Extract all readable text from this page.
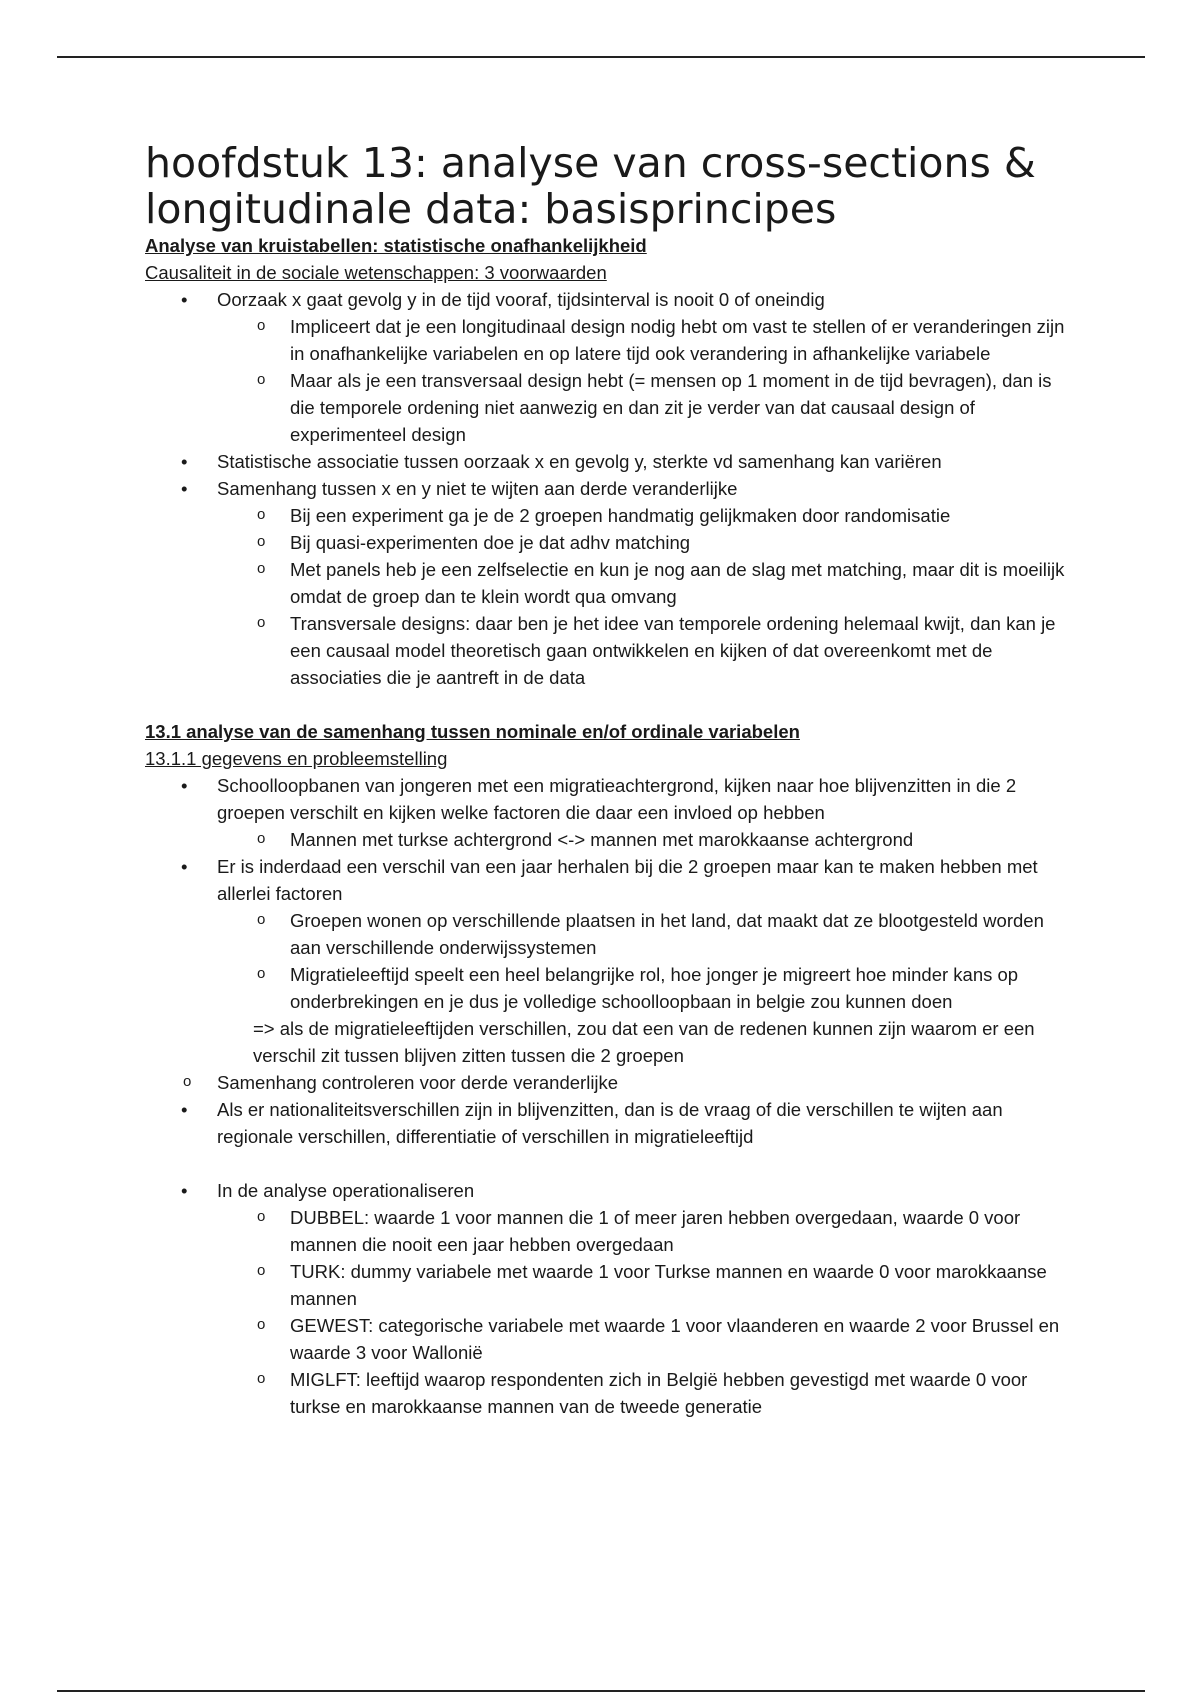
hoofdstuk 13: analyse van cross-sections &
longitudinale data: basisprincipes

Analyse van kruistabellen: statistische onafhankelijkheid

Causaliteit in de sociale wetenschappen: 3 voorwaarden

• Oorzaak x gaat gevolg y in de tijd vooraf, tijdsinterval is nooit 0 of oneindig
o Impliceert dat je een longitudinaal design nodig hebt om vast te stellen of er veranderingen zijn in onafhankelijke variabelen en op latere tijd ook verandering in afhankelijke variabele
o Maar als je een transversaal design hebt (= mensen op 1 moment in de tijd bevragen), dan is die temporele ordening niet aanwezig en dan zit je verder van dat causaal design of experimenteel design
• Statistische associatie tussen oorzaak x en gevolg y, sterkte vd samenhang kan variëren
• Samenhang tussen x en y niet te wijten aan derde veranderlijke
o Bij een experiment ga je de 2 groepen handmatig gelijkmaken door randomisatie
o Bij quasi-experimenten doe je dat adhv matching
o Met panels heb je een zelfselectie en kun je nog aan de slag met matching, maar dit is moeilijk omdat de groep dan te klein wordt qua omvang
o Transversale designs: daar ben je het idee van temporele ordening helemaal kwijt, dan kan je een causaal model theoretisch gaan ontwikkelen en kijken of dat overeenkomt met de associaties die je aantreft in de data

13.1 analyse van de samenhang tussen nominale en/of ordinale variabelen

13.1.1 gegevens en probleemstelling

• Schoolloopbanen van jongeren met een migratieachtergrond, kijken naar hoe blijvenzitten in die 2 groepen verschilt en kijken welke factoren die daar een invloed op hebben
o Mannen met turkse achtergrond <-> mannen met marokkaanse achtergrond
• Er is inderdaad een verschil van een jaar herhalen bij die 2 groepen maar kan te maken hebben met allerlei factoren
o Groepen wonen op verschillende plaatsen in het land, dat maakt dat ze blootgesteld worden aan verschillende onderwijssystemen
o Migratieleeftijd speelt een heel belangrijke rol, hoe jonger je migreert hoe minder kans op onderbrekingen en je dus je volledige schoolloopbaan in belgie zou kunnen doen
=> als de migratieleeftijden verschillen, zou dat een van de redenen kunnen zijn waarom er een verschil zit tussen blijven zitten tussen die 2 groepen
o Samenhang controleren voor derde veranderlijke
• Als er nationaliteitsverschillen zijn in blijvenzitten, dan is de vraag of die verschillen te wijten aan regionale verschillen, differentiatie of verschillen in migratieleeftijd
• In de analyse operationaliseren
o DUBBEL: waarde 1 voor mannen die 1 of meer jaren hebben overgedaan, waarde 0 voor mannen die nooit een jaar hebben overgedaan
o TURK: dummy variabele met waarde 1 voor Turkse mannen en waarde 0 voor marokkaanse mannen
o GEWEST: categorische variabele met waarde 1 voor vlaanderen en waarde 2 voor Brussel en waarde 3 voor Wallonië
o MIGLFT: leeftijd waarop respondenten zich in België hebben gevestigd met waarde 0 voor turkse en marokkaanse mannen van de tweede generatie
